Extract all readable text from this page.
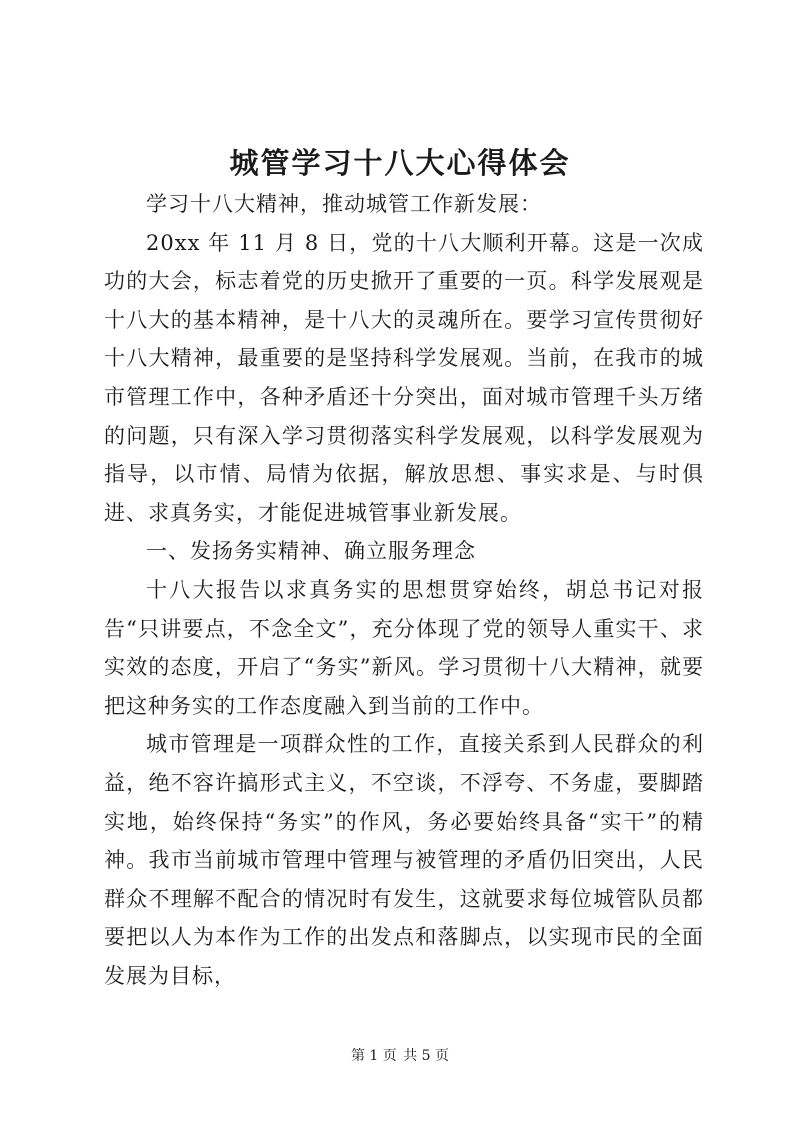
城管学习十八大心得体会

学习十八大精神，推动城管工作新发展：

20xx 年 11 月 8 日，党的十八大顺利开幕。这是一次成功的大会，标志着党的历史掀开了重要的一页。科学发展观是十八大的基本精神，是十八大的灵魂所在。要学习宣传贯彻好十八大精神，最重要的是坚持科学发展观。当前，在我市的城市管理工作中，各种矛盾还十分突出，面对城市管理千头万绪的问题，只有深入学习贯彻落实科学发展观，以科学发展观为指导，以市情、局情为依据，解放思想、事实求是、与时俱进、求真务实，才能促进城管事业新发展。

一、发扬务实精神、确立服务理念

十八大报告以求真务实的思想贯穿始终，胡总书记对报告“只讲要点，不念全文”，充分体现了党的领导人重实干、求实效的态度，开启了“务实”新风。学习贯彻十八大精神，就要把这种务实的工作态度融入到当前的工作中。

城市管理是一项群众性的工作，直接关系到人民群众的利益，绝不容许搞形式主义，不空谈，不浮夸、不务虚，要脚踏实地，始终保持“务实”的作风，务必要始终具备“实干”的精神。我市当前城市管理中管理与被管理的矛盾仍旧突出，人民群众不理解不配合的情况时有发生，这就要求每位城管队员都要把以人为本作为工作的出发点和落脚点，以实现市民的全面发展为目标，

第 1 页 共 5 页
